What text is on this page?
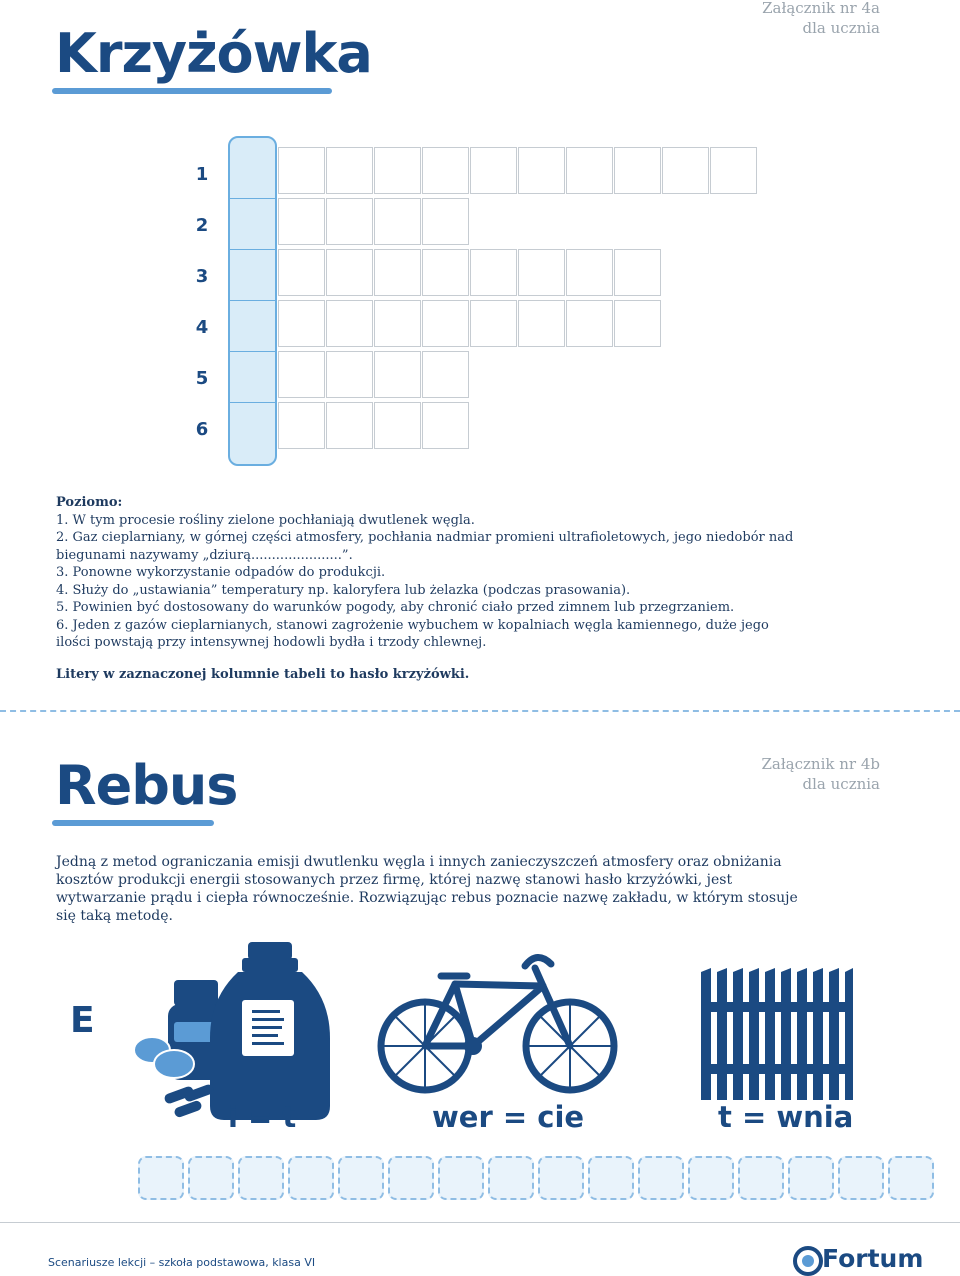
Krzyżówka
Załącznik nr 4a
dla ucznia
1
2
3
4
5
6

Poziomo:

1. W tym procesie rośliny zielone pochłaniają dwutlenek węgla.

2. Gaz cieplarniany, w górnej części atmosfery, pochłania nadmiar promieni ultrafioletowych, jego niedobór nad biegunami nazywamy „dziurą......................”.

3. Ponowne wykorzystanie odpadów do produkcji.

4. Służy do „ustawiania” temperatury np. kaloryfera lub żelazka (podczas prasowania).

5. Powinien być dostosowany do warunków pogody, aby chronić ciało przed zimnem lub przegrzaniem.

6. Jeden z gazów cieplarnianych, stanowi zagrożenie wybuchem w kopalniach węgla kamiennego, duże jego ilości powstają przy intensywnej hodowli bydła i trzody chlewnej.

Litery w zaznaczonej kolumnie tabeli to hasło krzyżówki.

Rebus	Załącznik nr 4b
dla ucznia
Jedną z metod ograniczania emisji dwutlenku węgla i innych zanieczyszczeń atmosfery oraz obniżania kosztów produkcji energii stosowanych przez firmę, której nazwę stanowi hasło krzyżówki, jest wytwarzanie prądu i ciepła równocześnie. Rozwiązując rebus poznacie nazwę zakładu, w którym stosuje się taką metodę.
E
i = t	wer = cie	t = wnia
Scenariusze lekcji – szkoła podstawowa, klasa VI	Fortum
